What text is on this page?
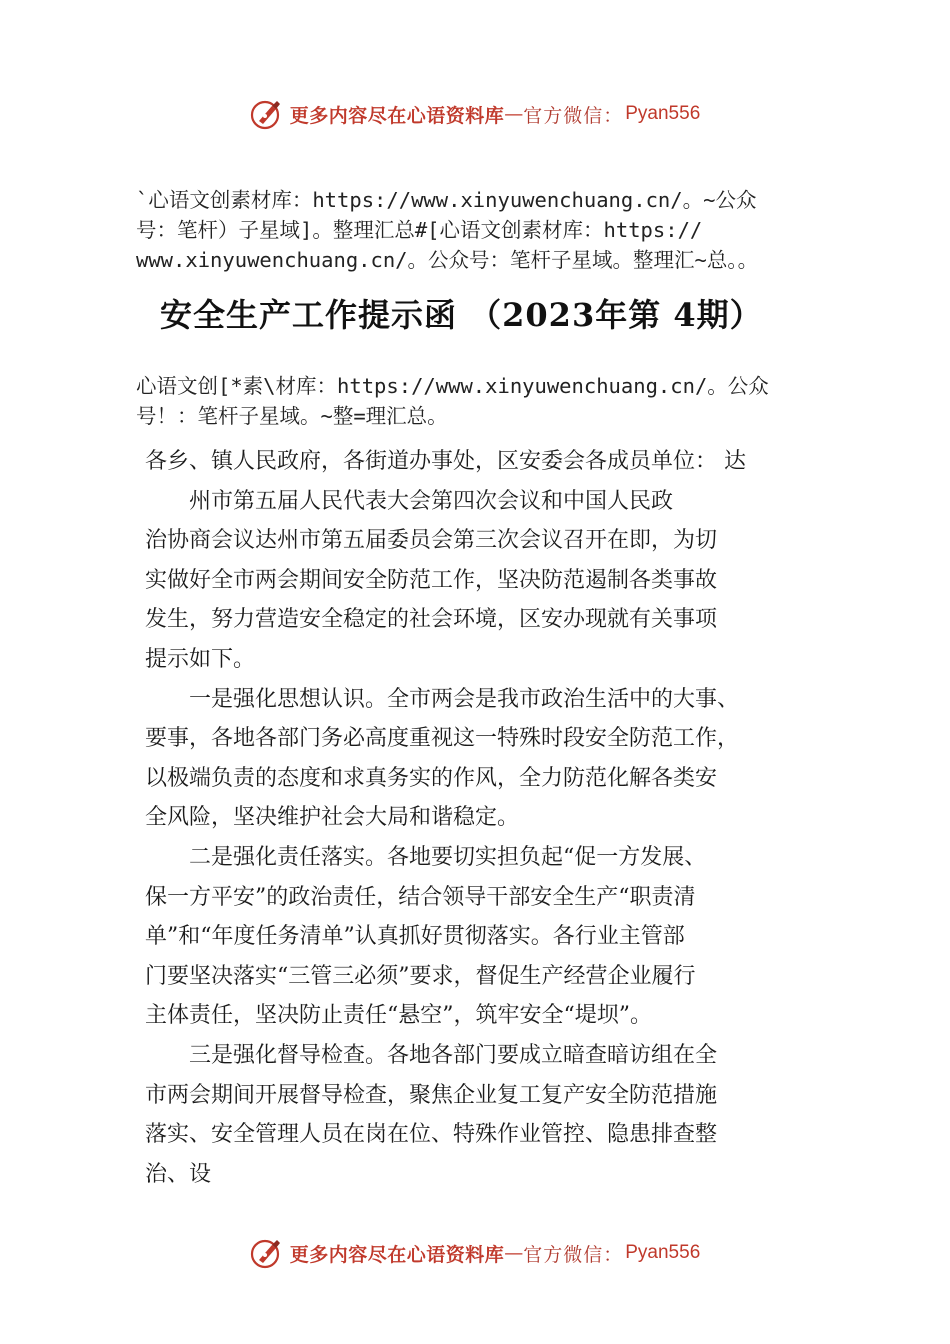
更多内容尽在心语资料库 — 官方微信： Pyan556
`心语文创素材库：https://www.xinyuwenchuang.cn/。~公众
号：笔杆）子星域]。整理汇总#[心语文创素材库：https://
www.xinyuwenchuang.cn/。公众号：笔杆子星域。整理汇~总。。
安全生产工作提示函 （2023年第 4期）
心语文创[*素\材库：https://www.xinyuwenchuang.cn/。公众
号！：笔杆子星域。~整=理汇总。
各乡、镇人民政府，各街道办事处，区安委会各成员单位： 达
州市第五届人民代表大会第四次会议和中国人民政
治协商会议达州市第五届委员会第三次会议召开在即，为切
实做好全市两会期间安全防范工作，坚决防范遏制各类事故
发生，努力营造安全稳定的社会环境，区安办现就有关事项
提示如下。
一是强化思想认识。全市两会是我市政治生活中的大事、
要事，各地各部门务必高度重视这一特殊时段安全防范工作，
以极端负责的态度和求真务实的作风，全力防范化解各类安
全风险，坚决维护社会大局和谐稳定。
二是强化责任落实。各地要切实担负起“促一方发展、
保一方平安”的政治责任，结合领导干部安全生产“职责清
单”和“年度任务清单”认真抓好贯彻落实。各行业主管部
门要坚决落实“三管三必须”要求，督促生产经营企业履行
主体责任，坚决防止责任“悬空”，筑牢安全“堤坝”。
三是强化督导检查。各地各部门要成立暗查暗访组在全
市两会期间开展督导检查，聚焦企业复工复产安全防范措施
落实、安全管理人员在岗在位、特殊作业管控、隐患排查整
治、设
更多内容尽在心语资料库 — 官方微信： Pyan556
